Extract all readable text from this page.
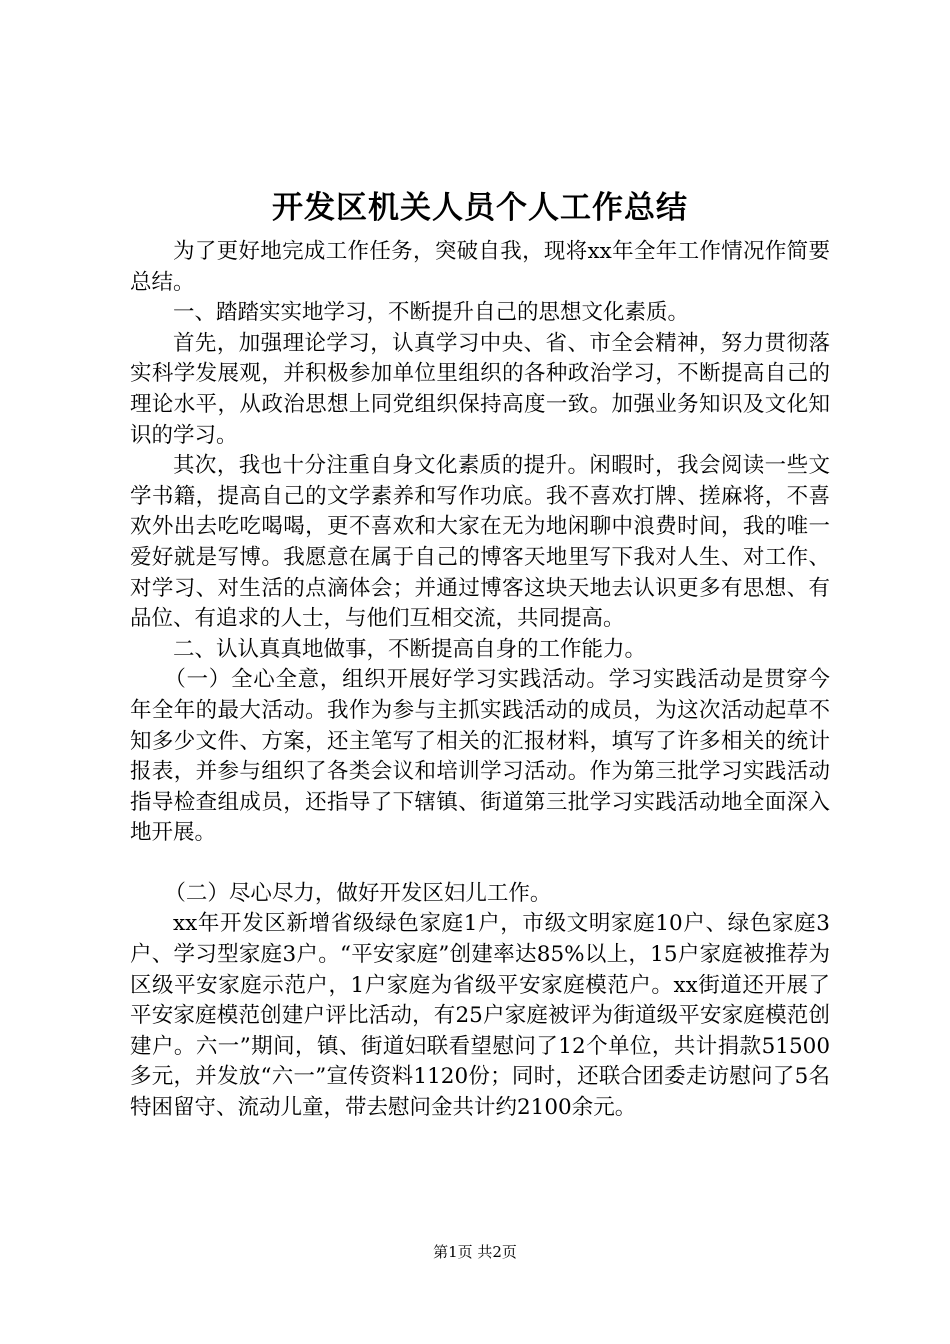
开发区机关人员个人工作总结

为了更好地完成工作任务，突破自我，现将xx年全年工作情况作简要总结。

一、踏踏实实地学习，不断提升自己的思想文化素质。

首先，加强理论学习，认真学习中央、省、市全会精神，努力贯彻落实科学发展观，并积极参加单位里组织的各种政治学习，不断提高自己的理论水平，从政治思想上同党组织保持高度一致。加强业务知识及文化知识的学习。

其次，我也十分注重自身文化素质的提升。闲暇时，我会阅读一些文学书籍，提高自己的文学素养和写作功底。我不喜欢打牌、搓麻将，不喜欢外出去吃吃喝喝，更不喜欢和大家在无为地闲聊中浪费时间，我的唯一爱好就是写博。我愿意在属于自己的博客天地里写下我对人生、对工作、对学习、对生活的点滴体会；并通过博客这块天地去认识更多有思想、有品位、有追求的人士，与他们互相交流，共同提高。

二、认认真真地做事，不断提高自身的工作能力。

（一）全心全意，组织开展好学习实践活动。学习实践活动是贯穿今年全年的最大活动。我作为参与主抓实践活动的成员，为这次活动起草不知多少文件、方案，还主笔写了相关的汇报材料，填写了许多相关的统计报表，并参与组织了各类会议和培训学习活动。作为第三批学习实践活动指导检查组成员，还指导了下辖镇、街道第三批学习实践活动地全面深入地开展。

（二）尽心尽力，做好开发区妇儿工作。

xx年开发区新增省级绿色家庭1户，市级文明家庭10户、绿色家庭3户、学习型家庭3户。“平安家庭”创建率达85%以上，15户家庭被推荐为区级平安家庭示范户，1户家庭为省级平安家庭模范户。xx街道还开展了平安家庭模范创建户评比活动，有25户家庭被评为街道级平安家庭模范创建户。六一”期间，镇、街道妇联看望慰问了12个单位，共计捐款51500多元，并发放“六一”宣传资料1120份；同时，还联合团委走访慰问了5名特困留守、流动儿童，带去慰问金共计约2100余元。

第1页 共2页
